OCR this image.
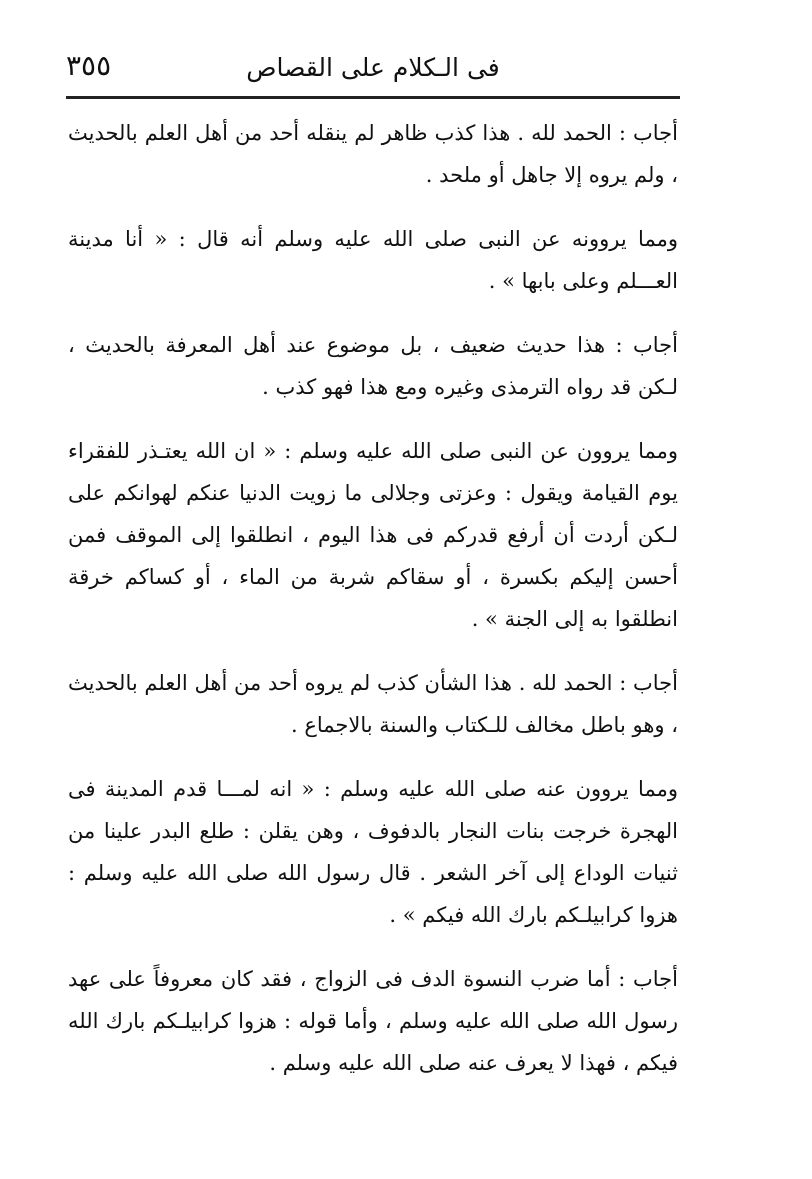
فى الـكلام على القصاص
٣٥٥

أجاب : الحمد لله . هذا كذب ظاهر لم ينقله أحد من أهل العلم بالحديث ، ولم يروه إلا جاهل أو ملحد .

ومما يروونه عن النبى صلى الله عليه وسلم أنه قال : « أنا مدينة العـــلم وعلى بابها » .

أجاب : هذا حديث ضعيف ، بل موضوع عند أهل المعرفة بالحديث ، لـكن قد رواه الترمذى وغيره ومع هذا فهو كذب .

ومما يروون عن النبى صلى الله عليه وسلم : « ان الله يعتـذر للفقراء يوم القيامة ويقول : وعزتى وجلالى ما زويت الدنيا عنكم لهوانكم على لـكن أردت أن أرفع قدركم فى هذا اليوم ، انطلقوا إلى الموقف فمن أحسن إليكم بكسرة ، أو سقاكم شربة من الماء ، أو كساكم خرقة انطلقوا به إلى الجنة » .

أجاب : الحمد لله . هذا الشأن كذب لم يروه أحد من أهل العلم بالحديث ، وهو باطل مخالف للـكتاب والسنة بالاجماع .

ومما يروون عنه صلى الله عليه وسلم : « انه لمـــا قدم المدينة فى الهجرة خرجت بنات النجار بالدفوف ، وهن يقلن : طلع البدر علينا من ثنيات الوداع إلى آخر الشعر . قال رسول الله صلى الله عليه وسلم : هزوا كرابيلـكم بارك الله فيكم » .

أجاب : أما ضرب النسوة الدف فى الزواج ، فقد كان معروفاً على عهد رسول الله صلى الله عليه وسلم ، وأما قوله : هزوا كرابيلـكم بارك الله فيكم ، فهذا لا يعرف عنه صلى الله عليه وسلم .
